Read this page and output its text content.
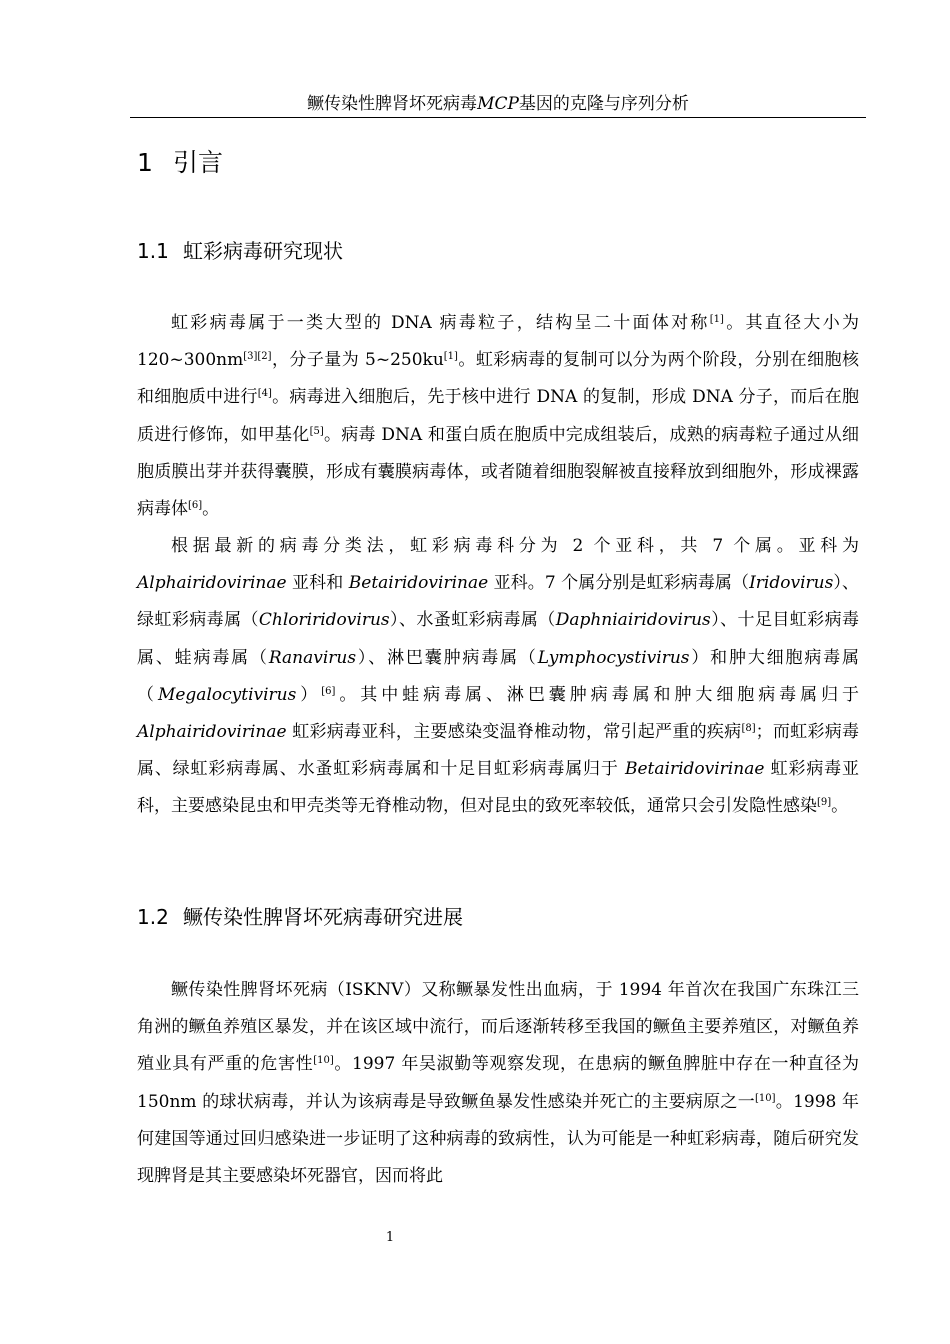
鳜传染性脾肾坏死病毒MCP基因的克隆与序列分析
1 引言
1.1 虹彩病毒研究现状
虹彩病毒属于一类大型的 DNA 病毒粒子，结构呈二十面体对称[1]。其直径大小为 120~300nm[3][2]，分子量为 5~250ku[1]。虹彩病毒的复制可以分为两个阶段，分别在细胞核和细胞质中进行[4]。病毒进入细胞后，先于核中进行 DNA 的复制，形成 DNA 分子，而后在胞质进行修饰，如甲基化[5]。病毒 DNA 和蛋白质在胞质中完成组装后，成熟的病毒粒子通过从细胞质膜出芽并获得囊膜，形成有囊膜病毒体，或者随着细胞裂解被直接释放到细胞外，形成裸露病毒体[6]。
根据最新的病毒分类法，虹彩病毒科分为 2 个亚科，共 7 个属。亚科为 Alphairidovirinae 亚科和 Betairidovirinae 亚科。7 个属分别是虹彩病毒属（Iridovirus）、绿虹彩病毒属（Chloriridovirus）、水蚤虹彩病毒属（Daphniairidovirus）、十足目虹彩病毒属、蛙病毒属（Ranavirus）、淋巴囊肿病毒属（Lymphocystivirus）和肿大细胞病毒属（Megalocytivirus）[6]。其中蛙病毒属、淋巴囊肿病毒属和肿大细胞病毒属归于 Alphairidovirinae 虹彩病毒亚科，主要感染变温脊椎动物，常引起严重的疾病[8]；而虹彩病毒属、绿虹彩病毒属、水蚤虹彩病毒属和十足目虹彩病毒属归于 Betairidovirinae 虹彩病毒亚科，主要感染昆虫和甲壳类等无脊椎动物，但对昆虫的致死率较低，通常只会引发隐性感染[9]。
1.2 鳜传染性脾肾坏死病毒研究进展
鳜传染性脾肾坏死病（ISKNV）又称鳜暴发性出血病，于 1994 年首次在我国广东珠江三角洲的鳜鱼养殖区暴发，并在该区域中流行，而后逐渐转移至我国的鳜鱼主要养殖区，对鳜鱼养殖业具有严重的危害性[10]。1997 年吴淑勤等观察发现，在患病的鳜鱼脾脏中存在一种直径为 150nm 的球状病毒，并认为该病毒是导致鳜鱼暴发性感染并死亡的主要病原之一[10]。1998 年何建国等通过回归感染进一步证明了这种病毒的致病性，认为可能是一种虹彩病毒，随后研究发现脾肾是其主要感染坏死器官，因而将此
1
